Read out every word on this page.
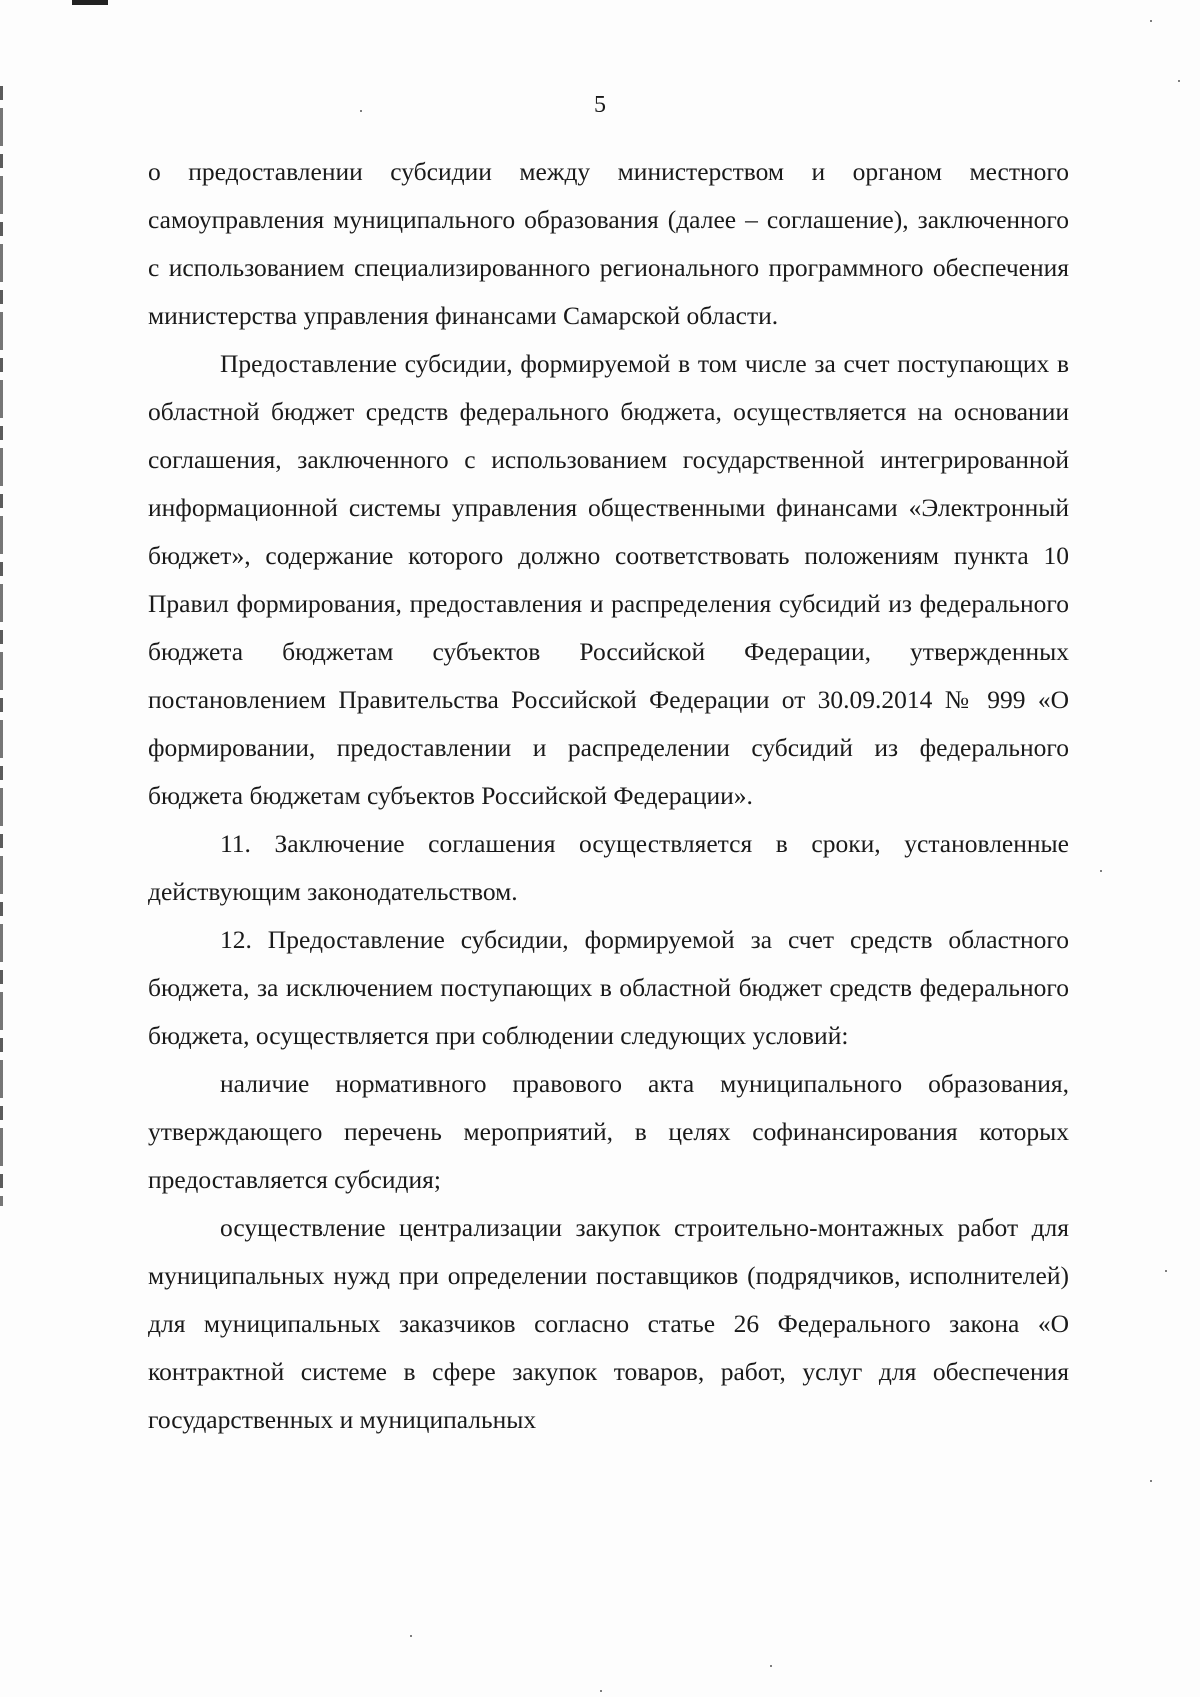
5

о предоставлении субсидии между министерством и органом местного самоуправления муниципального образования (далее – соглашение), заключенного с использованием специализированного регионального программного обеспечения министерства управления финансами Самарской области.

Предоставление субсидии, формируемой в том числе за счет поступающих в областной бюджет средств федерального бюджета, осуществляется на основании соглашения, заключенного с использованием государственной интегрированной информационной системы управления общественными финансами «Электронный бюджет», содержание которого должно соответствовать положениям пункта 10 Правил формирования, предоставления и распределения субсидий из федерального бюджета бюджетам субъектов Российской Федерации, утвержденных постановлением Правительства Российской Федерации от 30.09.2014 № 999 «О формировании, предоставлении и распределении субсидий из федерального бюджета бюджетам субъектов Российской Федерации».

11. Заключение соглашения осуществляется в сроки, установленные действующим законодательством.

12. Предоставление субсидии, формируемой за счет средств областного бюджета, за исключением поступающих в областной бюджет средств федерального бюджета, осуществляется при соблюдении следующих условий:

наличие нормативного правового акта муниципального образования, утверждающего перечень мероприятий, в целях софинансирования которых предоставляется субсидия;

осуществление централизации закупок строительно-монтажных работ для муниципальных нужд при определении поставщиков (подрядчиков, исполнителей) для муниципальных заказчиков согласно статье 26 Федерального закона «О контрактной системе в сфере закупок товаров, работ, услуг для обеспечения государственных и муниципальных
